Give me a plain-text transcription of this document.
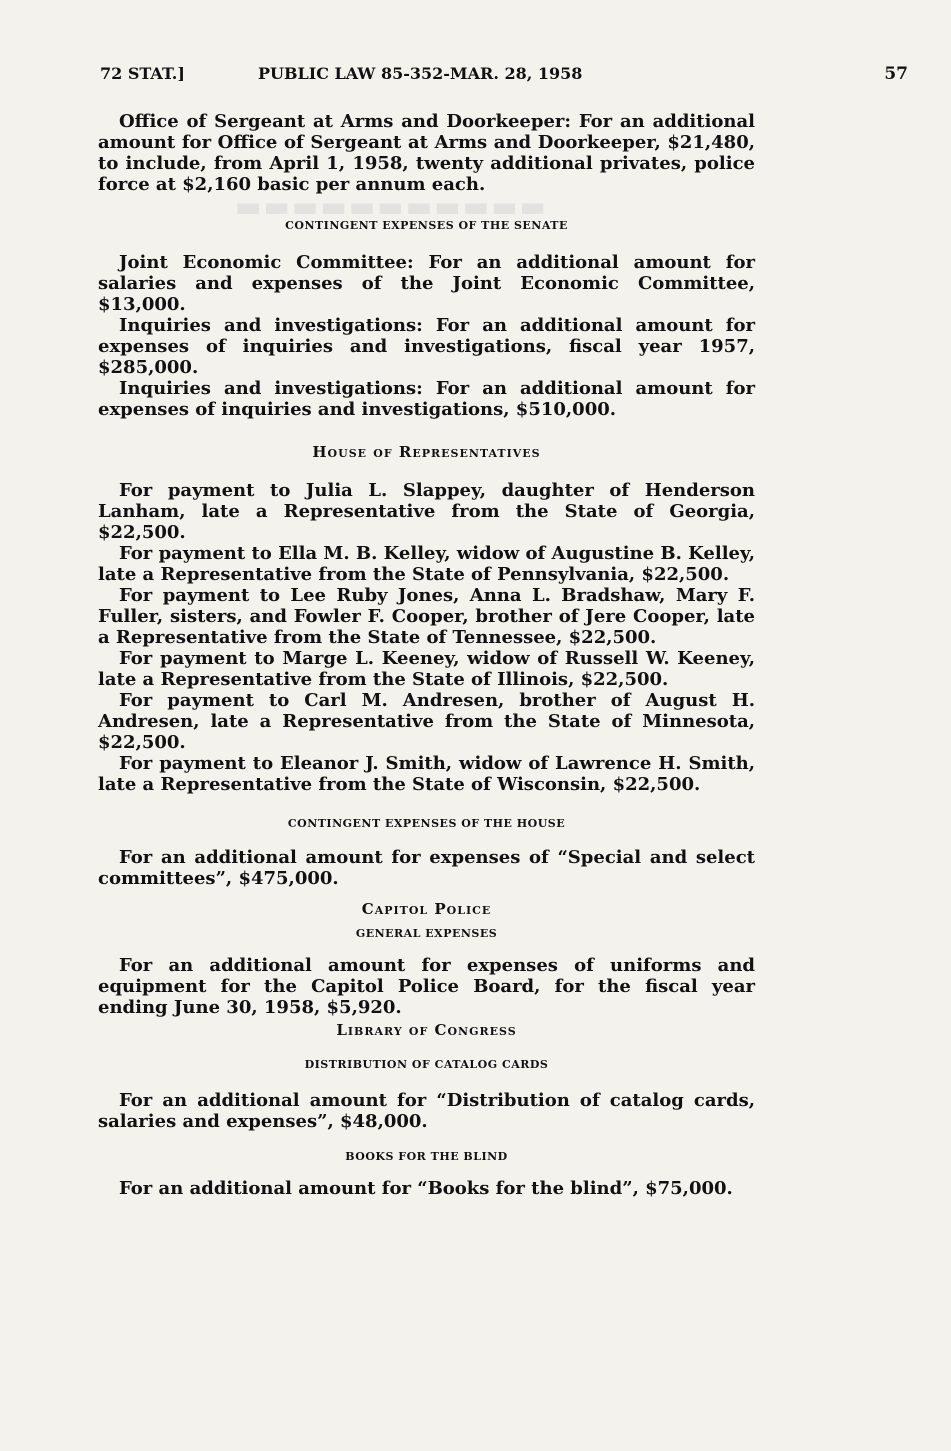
▬▬▬▬▬▬▬▬▬▬▬
72 STAT.]	PUBLIC LAW 85-352-MAR. 28, 1958	57

Office of Sergeant at Arms and Doorkeeper: For an additional amount for Office of Sergeant at Arms and Doorkeeper, $21,480, to include, from April 1, 1958, twenty additional privates, police force at $2,160 basic per annum each.

CONTINGENT EXPENSES OF THE SENATE

Joint Economic Committee: For an additional amount for salaries and expenses of the Joint Economic Committee, $13,000.

Inquiries and investigations: For an additional amount for expenses of inquiries and investigations, fiscal year 1957, $285,000.

Inquiries and investigations: For an additional amount for expenses of inquiries and investigations, $510,000.

House of Representatives

For payment to Julia L. Slappey, daughter of Henderson Lanham, late a Representative from the State of Georgia, $22,500.

For payment to Ella M. B. Kelley, widow of Augustine B. Kelley, late a Representative from the State of Pennsylvania, $22,500.

For payment to Lee Ruby Jones, Anna L. Bradshaw, Mary F. Fuller, sisters, and Fowler F. Cooper, brother of Jere Cooper, late a Representative from the State of Tennessee, $22,500.

For payment to Marge L. Keeney, widow of Russell W. Keeney, late a Representative from the State of Illinois, $22,500.

For payment to Carl M. Andresen, brother of August H. Andresen, late a Representative from the State of Minnesota, $22,500.

For payment to Eleanor J. Smith, widow of Lawrence H. Smith, late a Representative from the State of Wisconsin, $22,500.

CONTINGENT EXPENSES OF THE HOUSE

For an additional amount for expenses of “Special and select committees”, $475,000.

Capitol Police
GENERAL EXPENSES

For an additional amount for expenses of uniforms and equipment for the Capitol Police Board, for the fiscal year ending June 30, 1958, $5,920.

Library of Congress
DISTRIBUTION OF CATALOG CARDS

For an additional amount for “Distribution of catalog cards, salaries and expenses”, $48,000.

BOOKS FOR THE BLIND

For an additional amount for “Books for the blind”, $75,000.
